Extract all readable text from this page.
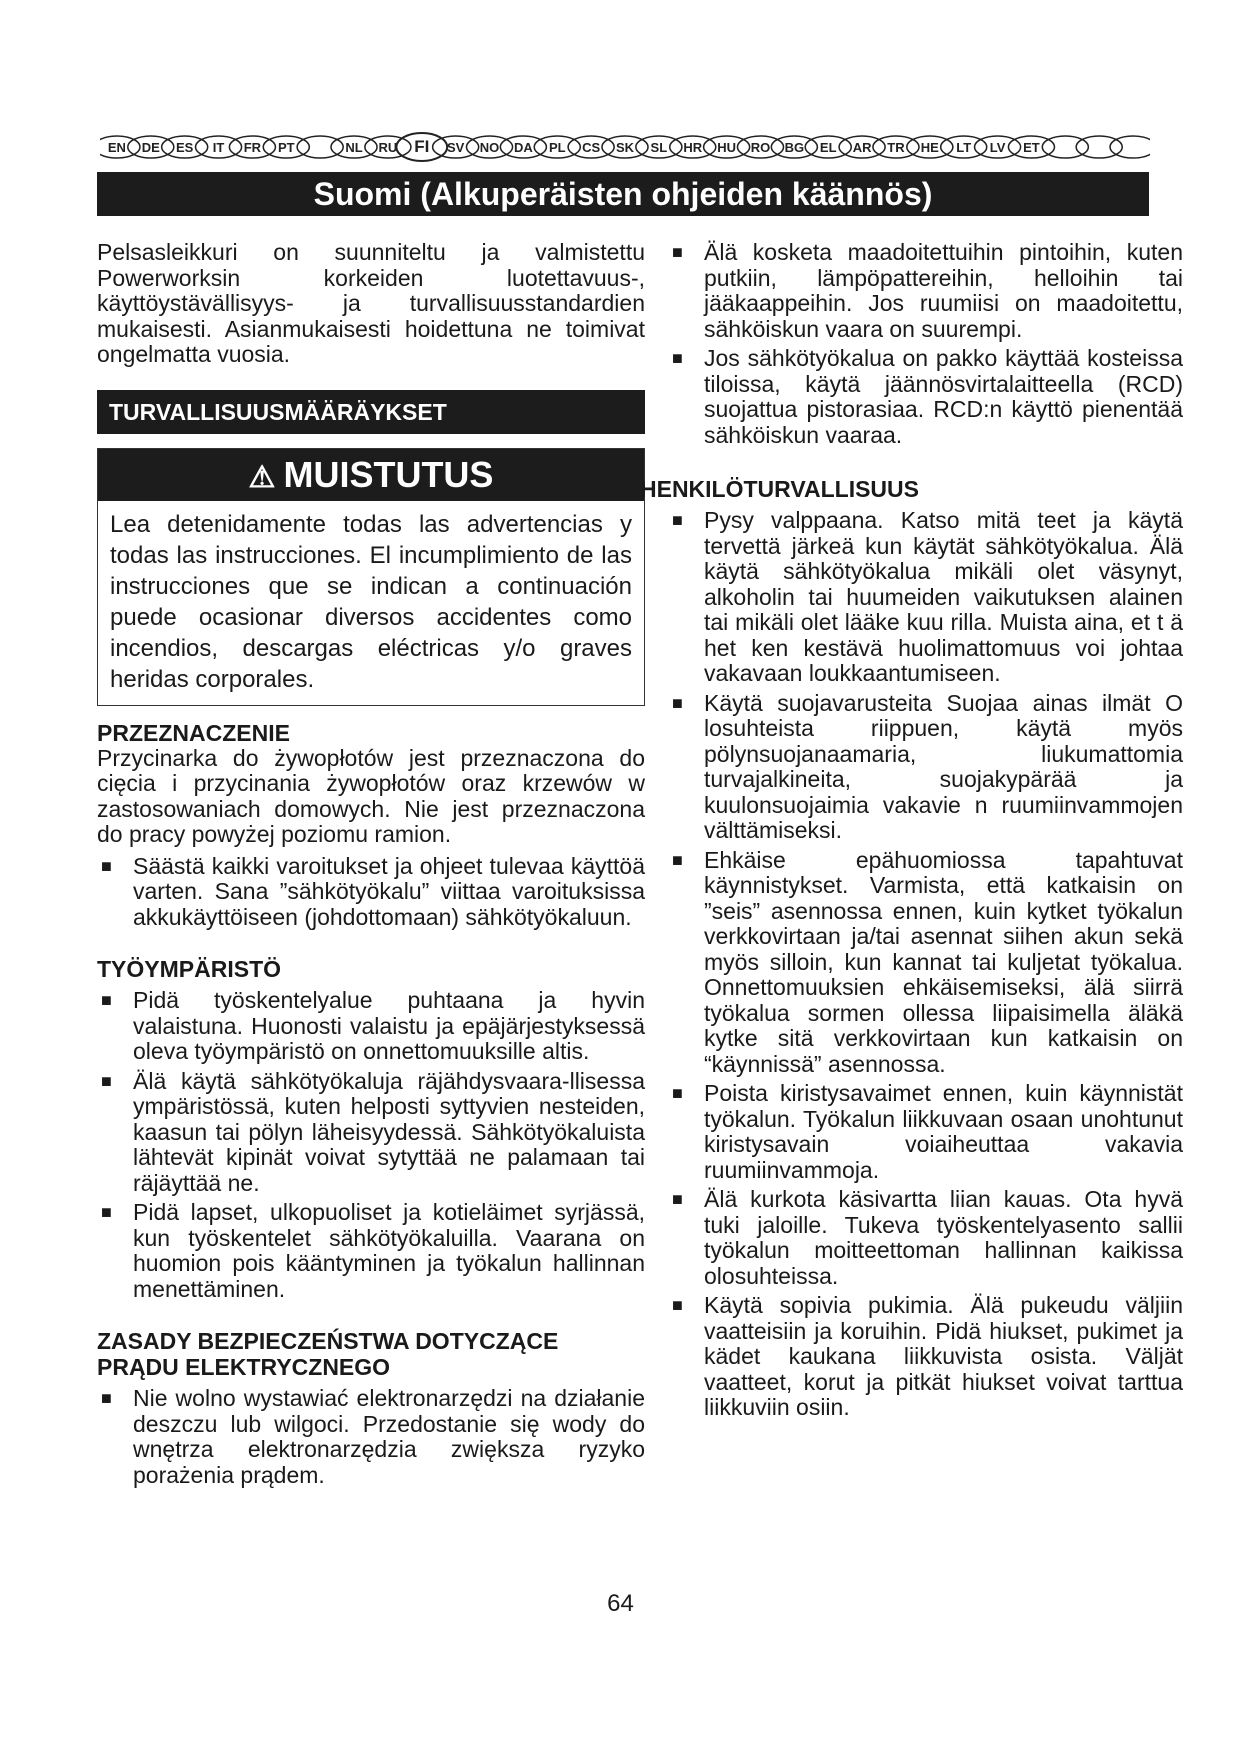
EN DE ES IT FR PT	NL RU FI SV NO DA PL CS SK SL HR HU RO BG EL AR TR HE LT LV ET
Suomi (Alkuperäisten ohjeiden käännös)

Pelsasleikkuri on suunniteltu ja valmistettu Powerworksin korkeiden luotettavuus-, käyttöystävällisyys- ja turvallisuusstandardien mukaisesti. Asianmukaisesti hoidettuna ne toimivat ongelmatta vuosia.

TURVALLISUUSMÄÄRÄYKSET
⚠ MUISTUTUS
Lea detenidamente todas las advertencias y todas las instrucciones. El incumplimiento de las instrucciones que se indican a continuación puede ocasionar diversos accidentes como incendios, descargas eléctricas y/o graves heridas corporales.
PRZEZNACZENIE

Przycinarka do żywopłotów jest przeznaczona do cięcia i przycinania żywopłotów oraz krzewów w zastosowaniach domowych. Nie jest przeznaczona do pracy powyżej poziomu ramion.

■ Säästä kaikki varoitukset ja ohjeet tulevaa käyttöä varten. Sana ”sähkötyökalu” viittaa varoituksissa akkukäyttöiseen (johdottomaan) sähkötyökaluun.
TYÖYMPÄRISTÖ
■ Pidä työskentelyalue puhtaana ja hyvin valaistuna. Huonosti valaistu ja epäjärjestyksessä oleva työympäristö on onnettomuuksille altis.
■ Älä käytä sähkötyökaluja räjähdysvaara-llisessa ympäristössä, kuten helposti syttyvien nesteiden, kaasun tai pölyn läheisyydessä. Sähkötyökaluista lähtevät kipinät voivat sytyttää ne palamaan tai räjäyttää ne.
■ Pidä lapset, ulkopuoliset ja kotieläimet syrjässä, kun työskentelet sähkötyökaluilla. Vaarana on huomion pois kääntyminen ja työkalun hallinnan menettäminen.
ZASADY BEZPIECZEŃSTWA DOTYCZĄCE PRĄDU ELEKTRYCZNEGO
■ Nie wolno wystawiać elektronarzędzi na działanie deszczu lub wilgoci. Przedostanie się wody do wnętrza elektronarzędzia zwiększa ryzyko porażenia prądem.
■ Älä kosketa maadoitettuihin pintoihin, kuten putkiin, lämpöpattereihin, helloihin tai jääkaappeihin. Jos ruumiisi on maadoitettu, sähköiskun vaara on suurempi.
■ Jos sähkötyökalua on pakko käyttää kosteissa tiloissa, käytä jäännösvirtalaitteella (RCD) suojattua pistorasiaa. RCD:n käyttö pienentää sähköiskun vaaraa.
HENKILÖTURVALLISUUS
■ Pysy valppaana. Katso mitä teet ja käytä tervettä järkeä kun käytät sähkötyökalua. Älä käytä sähkötyökalua mikäli olet väsynyt, alkoholin tai huumeiden vaikutuksen alainen tai mikäli olet lääke kuu rilla. Muista aina, et t ä het ken kestävä huolimattomuus voi johtaa vakavaan loukkaantumiseen.
■ Käytä suojavarusteita Suojaa ainas ilmät O losuhteista riippuen, käytä myös pölynsuojanaamaria, liukumattomia turvajalkineita, suojakypärää ja kuulonsuojaimia vakavie n ruumiinvammojen välttämiseksi.
■ Ehkäise epähuomiossa tapahtuvat käynnistykset. Varmista, että katkaisin on ”seis” asennossa ennen, kuin kytket työkalun verkkovirtaan ja/tai asennat siihen akun sekä myös silloin, kun kannat tai kuljetat työkalua. Onnettomuuksien ehkäisemiseksi, älä siirrä työkalua sormen ollessa liipaisimella äläkä kytke sitä verkkovirtaan kun katkaisin on “käynnissä” asennossa.
■ Poista kiristysavaimet ennen, kuin käynnistät työkalun. Työkalun liikkuvaan osaan unohtunut kiristysavain voiaiheuttaa vakavia ruumiinvammoja.
■ Älä kurkota käsivartta liian kauas. Ota hyvä tuki jaloille. Tukeva työskentelyasento sallii työkalun moitteettoman hallinnan kaikissa olosuhteissa.
■ Käytä sopivia pukimia. Älä pukeudu väljiin vaatteisiin ja koruihin. Pidä hiukset, pukimet ja kädet kaukana liikkuvista osista. Väljät vaatteet, korut ja pitkät hiukset voivat tarttua liikkuviin osiin.
64
